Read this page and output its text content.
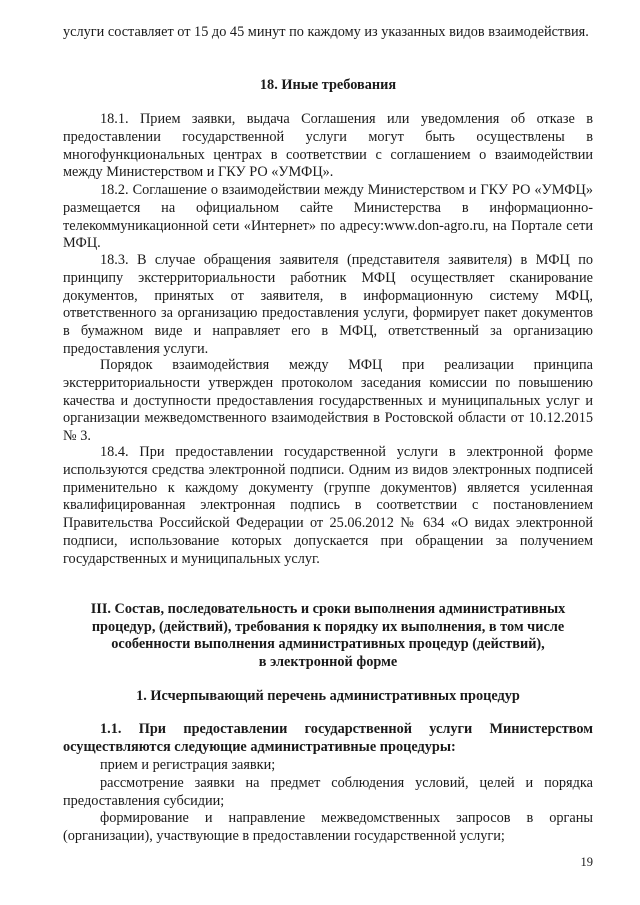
услуги составляет от 15 до 45 минут по каждому из указанных видов взаимодействия.

18. Иные требования

18.1. Прием заявки, выдача Соглашения или уведомления об отказе в предоставлении государственной услуги могут быть осуществлены в многофункциональных центрах в соответствии с соглашением о взаимодействии между Министерством и ГКУ РО «УМФЦ».

18.2. Соглашение о взаимодействии между Министерством и ГКУ РО «УМФЦ» размещается на официальном сайте Министерства в информационно-телекоммуникационной сети «Интернет» по адресу:www.don-agro.ru, на Портале сети МФЦ.

18.3. В случае обращения заявителя (представителя заявителя) в МФЦ по принципу экстерриториальности работник МФЦ осуществляет сканирование документов, принятых от заявителя, в информационную систему МФЦ, ответственного за организацию предоставления услуги, формирует пакет документов в бумажном виде и направляет его в МФЦ, ответственный за организацию предоставления услуги.

Порядок взаимодействия между МФЦ при реализации принципа экстерриториальности утвержден протоколом заседания комиссии по повышению качества и доступности предоставления государственных и муниципальных услуг и организации межведомственного взаимодействия в Ростовской области от 10.12.2015 № 3.

18.4. При предоставлении государственной услуги в электронной форме используются средства электронной подписи. Одним из видов электронных подписей применительно к каждому документу (группе документов) является усиленная квалифицированная электронная подпись в соответствии с постановлением Правительства Российской Федерации от 25.06.2012 № 634 «О видах электронной подписи, использование которых допускается при обращении за получением государственных и муниципальных услуг.

III. Состав, последовательность и сроки выполнения административных

процедур, (действий), требования к порядку их выполнения, в том числе

особенности выполнения административных процедур (действий),

в электронной форме

1. Исчерпывающий перечень административных процедур

1.1. При предоставлении государственной услуги Министерством осуществляются следующие административные процедуры:

прием и регистрация заявки;

рассмотрение заявки на предмет соблюдения условий, целей и порядка предоставления субсидии;

формирование и направление межведомственных запросов в органы (организации), участвующие в предоставлении государственной услуги;

19
